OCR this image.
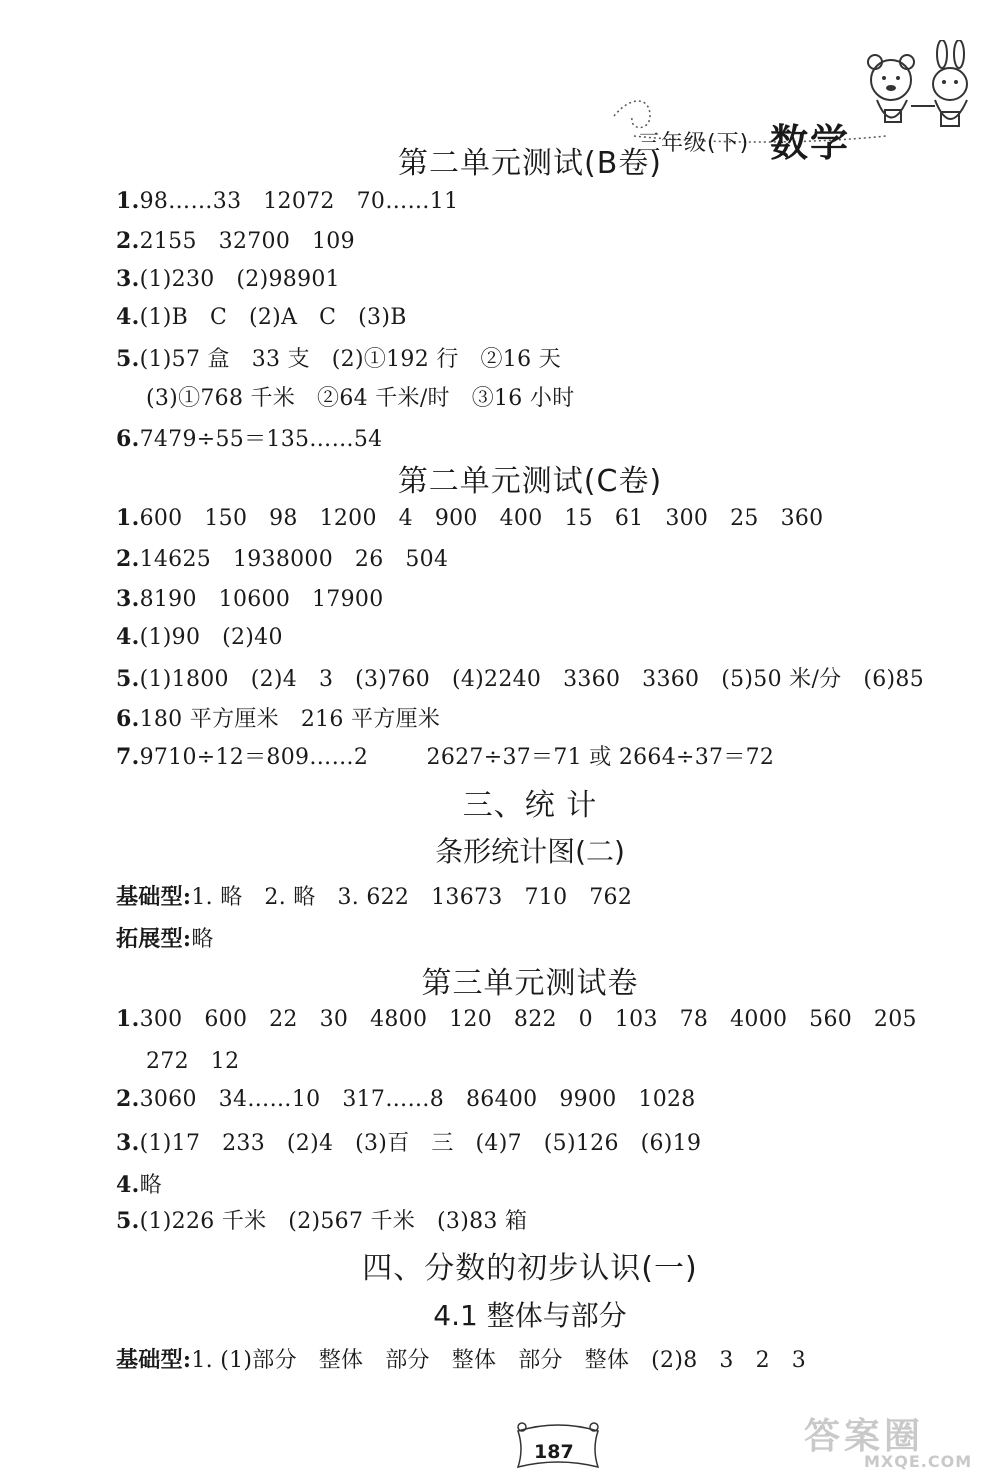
三年级(下) 数学
第二单元测试(B卷)
1.98……33   12072   70……11
2.2155   32700   109
3.(1)230   (2)98901
4.(1)B   C   (2)A   C   (3)B
5.(1)57 盒   33 支   (2)①192 行   ②16 天
(3)①768 千米   ②64 千米/时   ③16 小时
6.7479÷55＝135……54
第二单元测试(C卷)
1.600   150   98   1200   4   900   400   15   61   300   25   360
2.14625   1938000   26   504
3.8190   10600   17900
4.(1)90   (2)40
5.(1)1800   (2)4   3   (3)760   (4)2240   3360   3360   (5)50 米/分   (6)85
6.180 平方厘米   216 平方厘米
7.9710÷12＝809……2        2627÷37＝71 或 2664÷37＝72
三、统 计
条形统计图(二)
基础型:1. 略   2. 略   3. 622   13673   710   762
拓展型:略
第三单元测试卷
1.300   600   22   30   4800   120   822   0   103   78   4000   560   205
272   12
2.3060   34……10   317……8   86400   9900   1028
3.(1)17   233   (2)4   (3)百   三   (4)7   (5)126   (6)19
4.略
5.(1)226 千米   (2)567 千米   (3)83 箱
四、分数的初步认识(一)
4.1 整体与部分
基础型:1. (1)部分   整体   部分   整体   部分   整体   (2)8   3   2   3
187	答案圈
MXQE.COM
